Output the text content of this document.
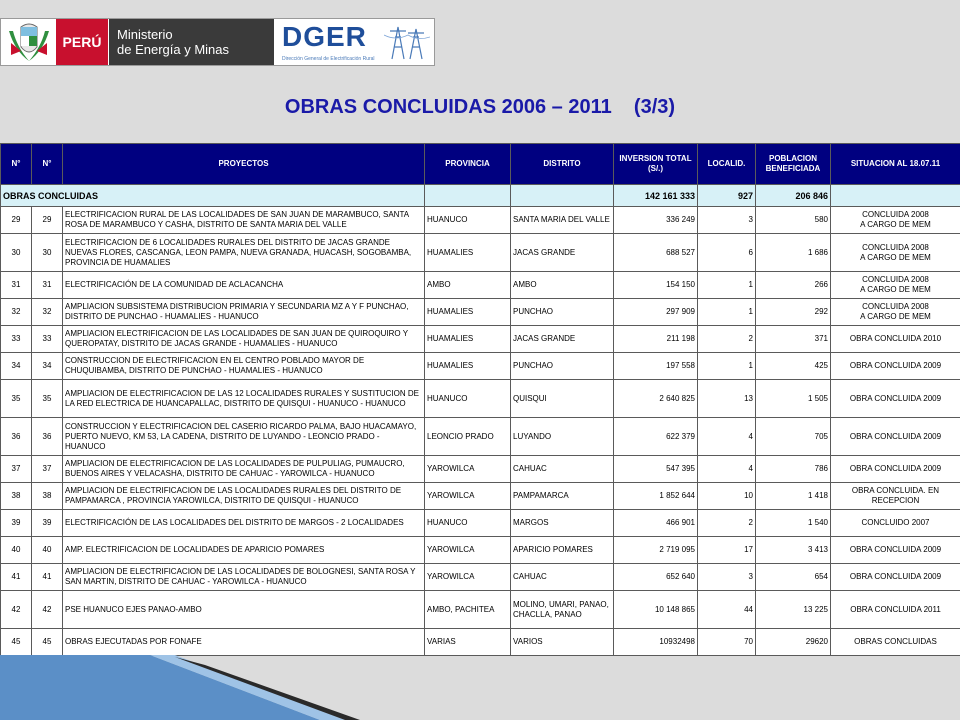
PERÚ	Ministerio
de Energía y Minas	DGER
Dirección General de Electrificación Rural
OBRAS CONCLUIDAS 2006 – 2011    (3/3)
N°	N°	PROYECTOS	PROVINCIA	DISTRITO	INVERSION TOTAL (S/.)	LOCALID.	POBLACION BENEFICIADA	SITUACION AL 18.07.11
OBRAS CONCLUIDAS					142 161 333	927	206 846	
29	29	ELECTRIFICACION RURAL DE LAS LOCALIDADES DE SAN JUAN DE MARAMBUCO, SANTA ROSA DE MARAMBUCO Y CASHA, DISTRITO DE SANTA MARIA DEL VALLE	HUANUCO	SANTA MARIA DEL VALLE	336 249	3	580	CONCLUIDA 2008
A CARGO DE MEM
30	30	ELECTRIFICACION DE 6 LOCALIDADES RURALES DEL DISTRITO DE JACAS GRANDE NUEVAS FLORES, CASCANGA, LEON PAMPA, NUEVA GRANADA, HUACASH, SOGOBAMBA, PROVINCIA DE HUAMALIES	HUAMALIES	JACAS GRANDE	688 527	6	1 686	CONCLUIDA 2008
A CARGO DE MEM
31	31	ELECTRIFICACIÓN DE LA COMUNIDAD DE ACLACANCHA	AMBO	AMBO	154 150	1	266	CONCLUIDA 2008
A CARGO DE MEM
32	32	AMPLIACION SUBSISTEMA DISTRIBUCION PRIMARIA Y SECUNDARIA MZ A Y F PUNCHAO, DISTRITO DE PUNCHAO - HUAMALIES - HUANUCO	HUAMALIES	PUNCHAO	297 909	1	292	CONCLUIDA 2008
A CARGO DE MEM
33	33	AMPLIACION ELECTRIFICACION DE LAS LOCALIDADES DE SAN JUAN DE QUIROQUIRO Y QUEROPATAY, DISTRITO DE JACAS GRANDE - HUAMALIES - HUANUCO	HUAMALIES	JACAS GRANDE	211 198	2	371	OBRA CONCLUIDA 2010
34	34	CONSTRUCCION DE ELECTRIFICACION EN EL CENTRO POBLADO MAYOR DE CHUQUIBAMBA, DISTRITO DE PUNCHAO - HUAMALIES - HUANUCO	HUAMALIES	PUNCHAO	197 558	1	425	OBRA CONCLUIDA 2009
35	35	AMPLIACION DE ELECTRIFICACION DE LAS 12 LOCALIDADES RURALES Y SUSTITUCION DE LA RED ELECTRICA DE HUANCAPALLAC, DISTRITO DE QUISQUI - HUANUCO - HUANUCO	HUANUCO	QUISQUI	2 640 825	13	1 505	OBRA CONCLUIDA 2009
36	36	CONSTRUCCION Y ELECTRIFICACION DEL CASERIO RICARDO PALMA, BAJO HUACAMAYO, PUERTO NUEVO, KM 53, LA CADENA, DISTRITO DE LUYANDO - LEONCIO PRADO - HUANUCO	LEONCIO PRADO	LUYANDO	622 379	4	705	OBRA CONCLUIDA 2009
37	37	AMPLIACION DE ELECTRIFICACION DE LAS LOCALIDADES DE PULPULIAG, PUMAUCRO, BUENOS AIRES Y VELACASHA, DISTRITO DE CAHUAC - YAROWILCA - HUANUCO	YAROWILCA	CAHUAC	547 395	4	786	OBRA CONCLUIDA 2009
38	38	AMPLIACION DE ELECTRIFICACION DE LAS LOCALIDADES RURALES DEL DISTRITO DE PAMPAMARCA , PROVINCIA YAROWILCA, DISTRITO DE QUISQUI - HUANUCO	YAROWILCA	PAMPAMARCA	1 852 644	10	1 418	OBRA CONCLUIDA. EN
RECEPCION
39	39	ELECTRIFICACIÓN DE LAS LOCALIDADES DEL DISTRITO DE MARGOS - 2 LOCALIDADES	HUANUCO	MARGOS	466 901	2	1 540	CONCLUIDO 2007
40	40	AMP. ELECTRIFICACION DE LOCALIDADES DE APARICIO POMARES	YAROWILCA	APARICIO POMARES	2 719 095	17	3 413	OBRA CONCLUIDA 2009
41	41	AMPLIACION DE ELECTRIFICACION DE LAS LOCALIDADES DE BOLOGNESI, SANTA ROSA Y SAN MARTIN, DISTRITO DE CAHUAC - YAROWILCA - HUANUCO	YAROWILCA	CAHUAC	652 640	3	654	OBRA CONCLUIDA 2009
42	42	PSE HUANUCO EJES PANAO-AMBO	AMBO, PACHITEA	MOLINO, UMARI, PANAO, CHACLLA, PANAO	10 148 865	44	13 225	OBRA CONCLUIDA 2011
45	45	OBRAS EJECUTADAS POR FONAFE	VARIAS	VARIOS	10932498	70	29620	OBRAS CONCLUIDAS
